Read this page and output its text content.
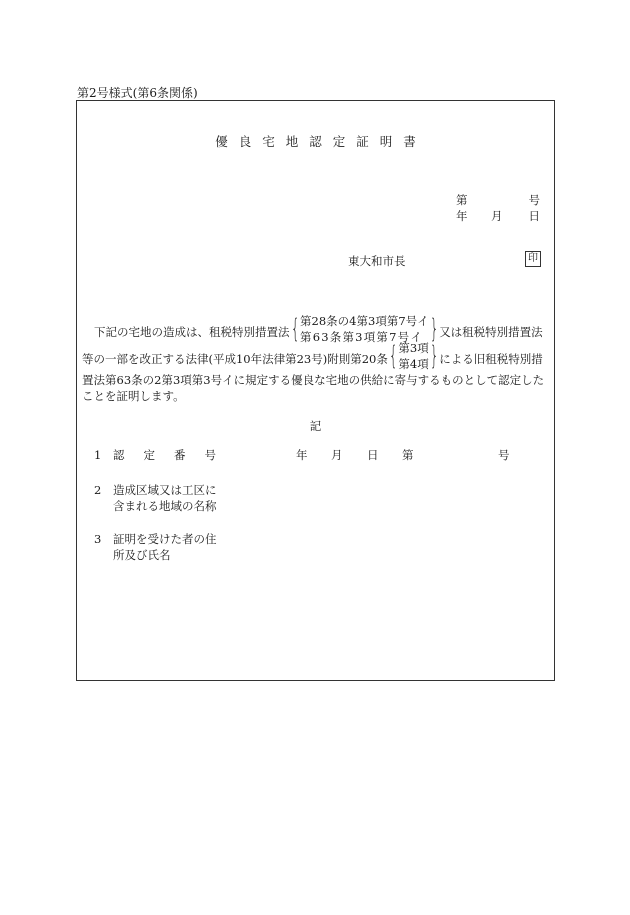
第2号様式(第6条関係)
優良宅地認定証明書
第	号
年 月 日
東大和市長	印
下記の宅地の造成は、租税特別措置法{ 第28条の4第3項第7号イ
第63条第3項第7号イ }又は租税特別措置法
等の一部を改正する法律(平成10年法律第23号)附則第20条{ 第3項
第4項 }による旧租税特別措
置法第63条の2第3項第3号イに規定する優良な宅地の供給に寄与するものとして認定した
ことを証明します。
記
1 認定番号	年 月 日 第	号
2 造成区域又は工区に
含まれる地域の名称
3 証明を受けた者の住
所及び氏名
